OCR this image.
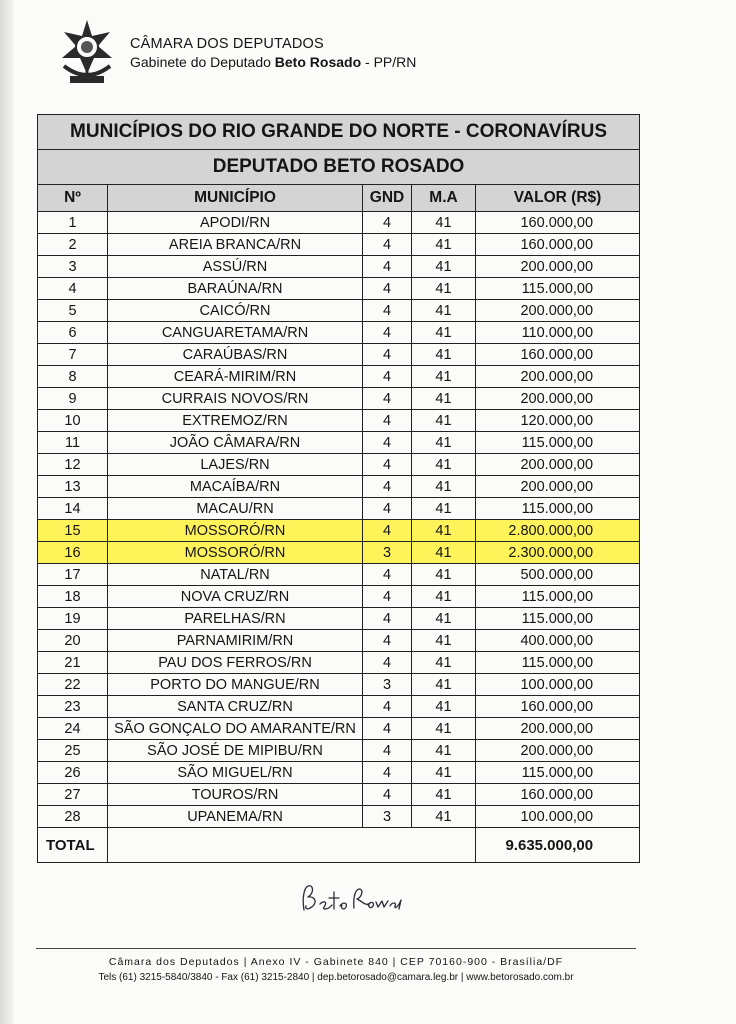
CÂMARA DOS DEPUTADOS
Gabinete do Deputado Beto Rosado - PP/RN
MUNICÍPIOS DO RIO GRANDE DO NORTE - CORONAVÍRUS				
DEPUTADO BETO ROSADO				
Nº	MUNICÍPIO	GND	M.A	VALOR (R$)
1	APODI/RN	4	41	160.000,00
2	AREIA BRANCA/RN	4	41	160.000,00
3	ASSÚ/RN	4	41	200.000,00
4	BARAÚNA/RN	4	41	115.000,00
5	CAICÓ/RN	4	41	200.000,00
6	CANGUARETAMA/RN	4	41	110.000,00
7	CARAÚBAS/RN	4	41	160.000,00
8	CEARÁ-MIRIM/RN	4	41	200.000,00
9	CURRAIS NOVOS/RN	4	41	200.000,00
10	EXTREMOZ/RN	4	41	120.000,00
11	JOÃO CÂMARA/RN	4	41	115.000,00
12	LAJES/RN	4	41	200.000,00
13	MACAÍBA/RN	4	41	200.000,00
14	MACAU/RN	4	41	115.000,00
15	MOSSORÓ/RN	4	41	2.800.000,00
16	MOSSORÓ/RN	3	41	2.300.000,00
17	NATAL/RN	4	41	500.000,00
18	NOVA CRUZ/RN	4	41	115.000,00
19	PARELHAS/RN	4	41	115.000,00
20	PARNAMIRIM/RN	4	41	400.000,00
21	PAU DOS FERROS/RN	4	41	115.000,00
22	PORTO DO MANGUE/RN	3	41	100.000,00
23	SANTA CRUZ/RN	4	41	160.000,00
24	SÃO GONÇALO DO AMARANTE/RN	4	41	200.000,00
25	SÃO JOSÉ DE MIPIBU/RN	4	41	200.000,00
26	SÃO MIGUEL/RN	4	41	115.000,00
27	TOUROS/RN	4	41	160.000,00
28	UPANEMA/RN	3	41	100.000,00
TOTAL				9.635.000,00
Câmara dos Deputados | Anexo IV - Gabinete 840 | CEP 70160-900 - Brasília/DF
Tels (61) 3215-5840/3840 - Fax (61) 3215-2840 | dep.betorosado@camara.leg.br | www.betorosado.com.br
